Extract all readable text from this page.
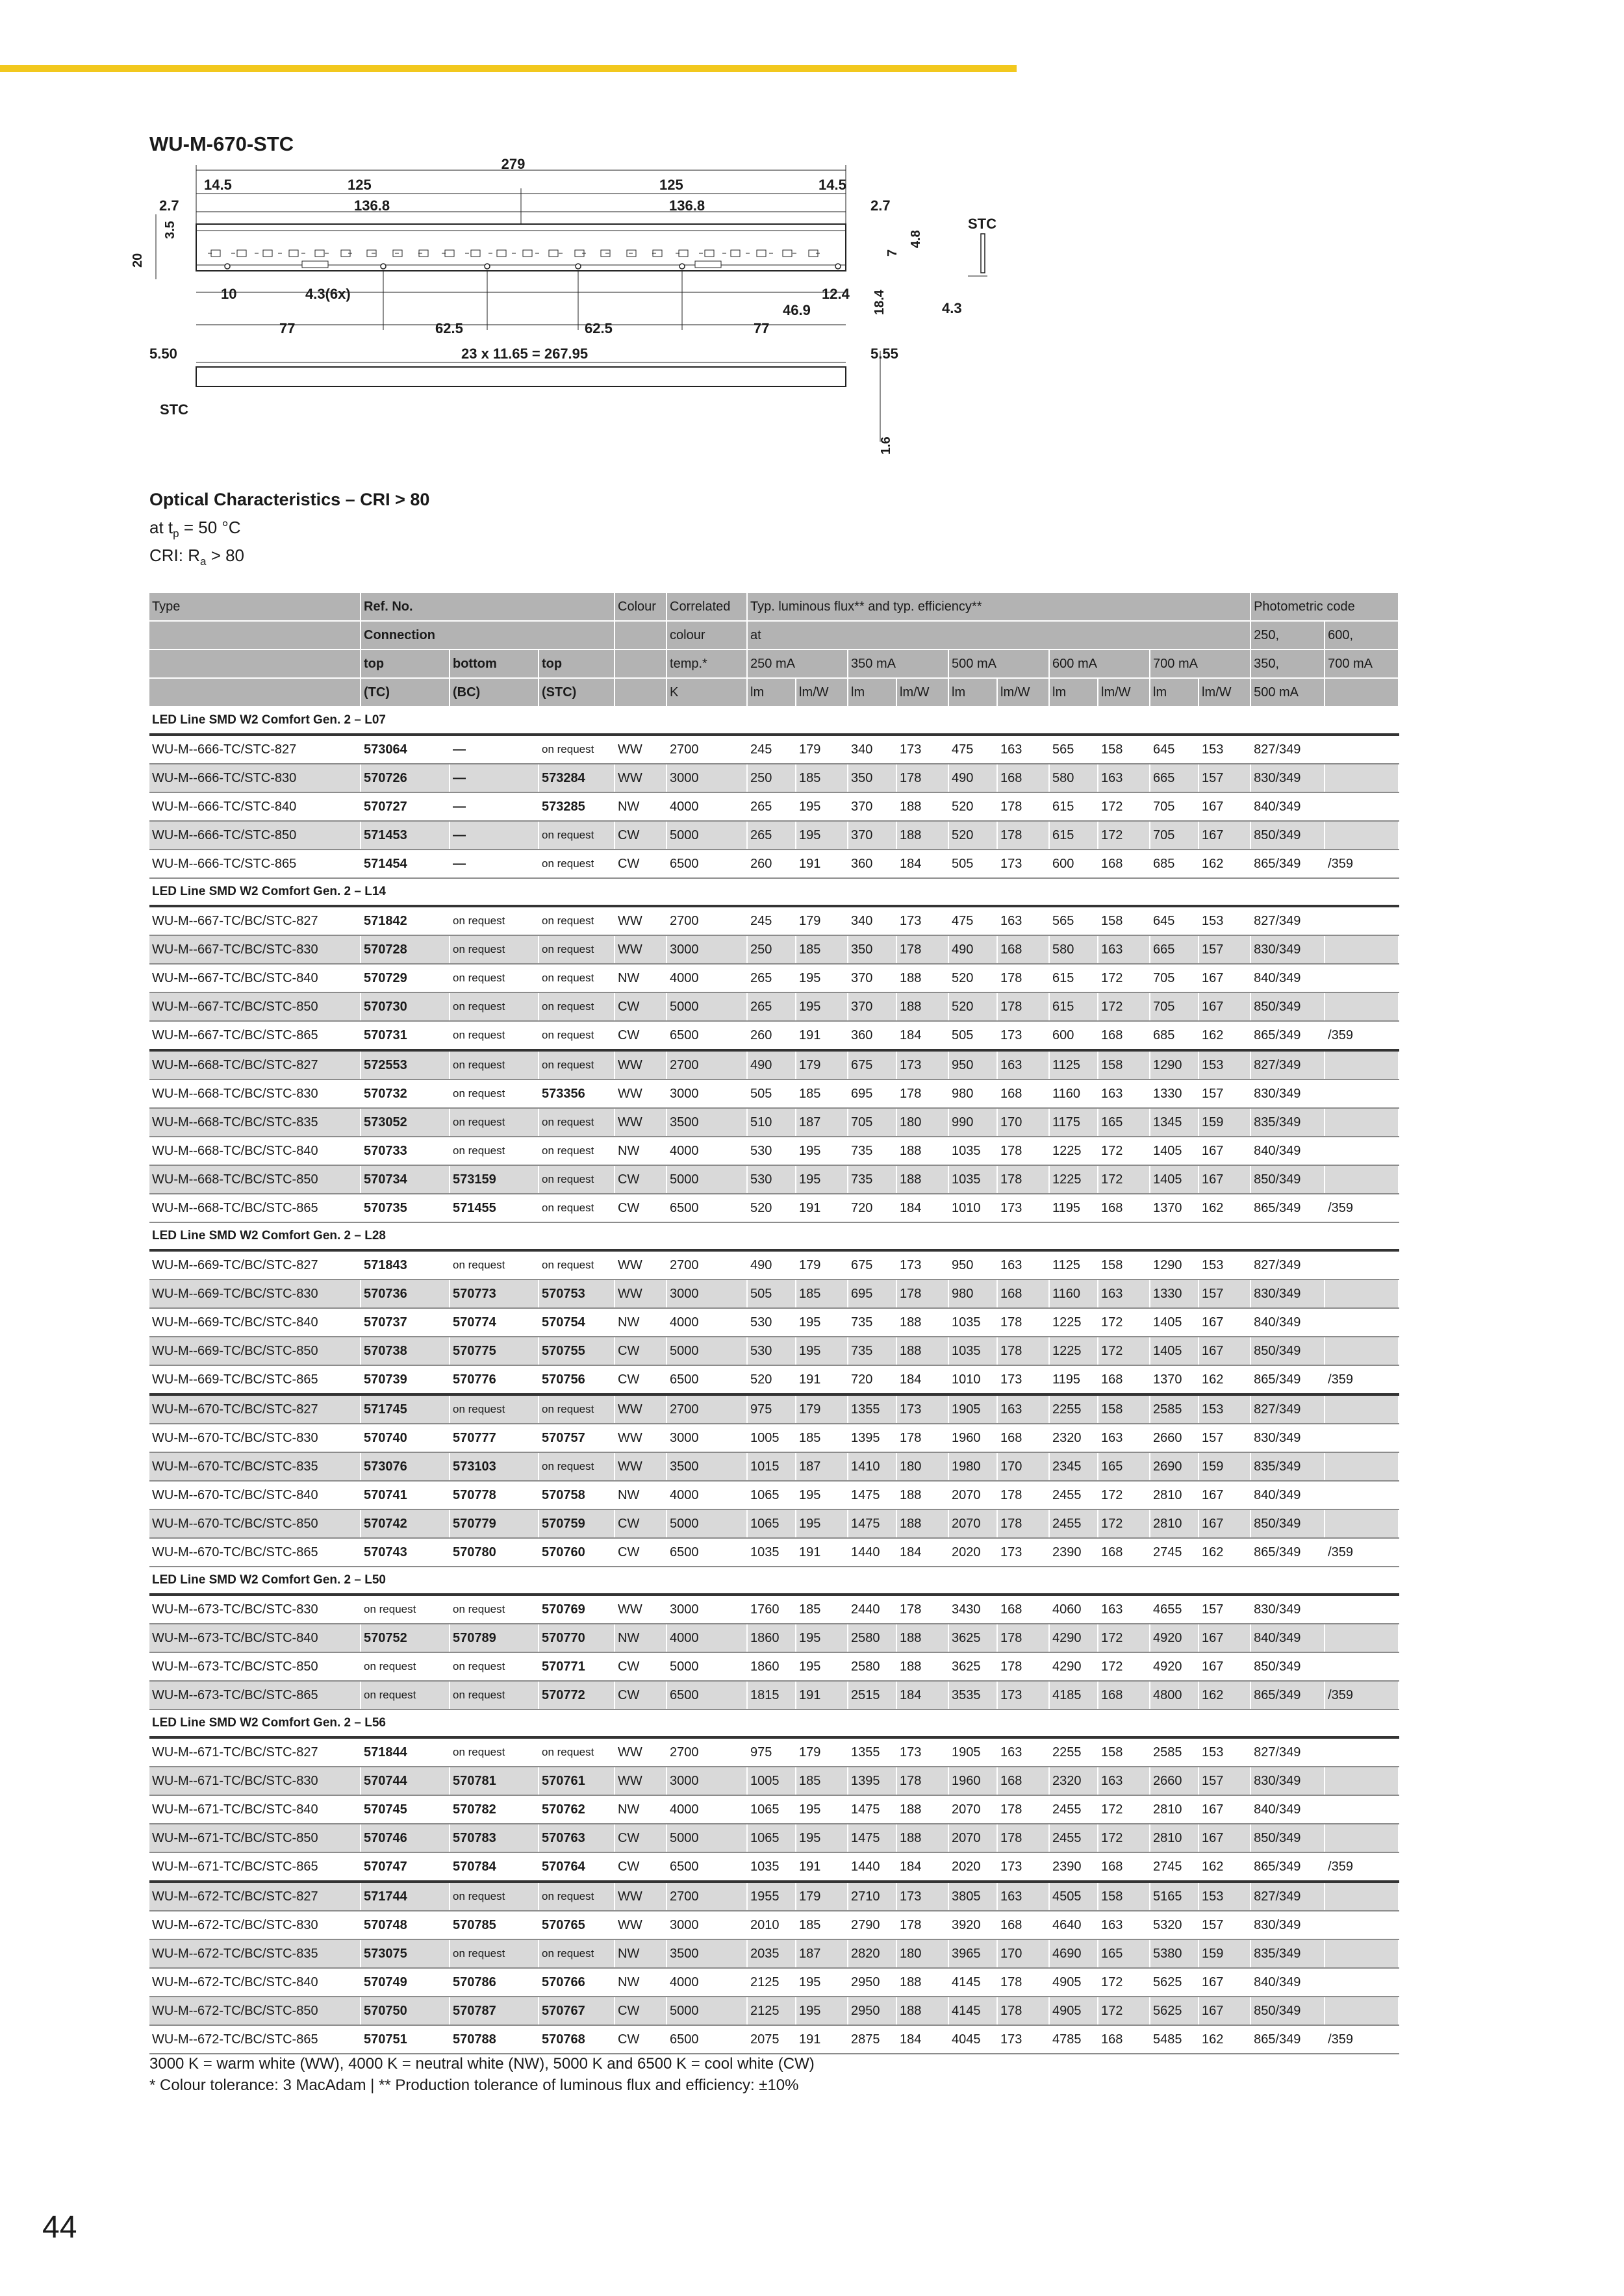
WU-M-670-STC
279
14.5	125	125	14.5
2.7	136.8	136.8	2.7
3.5
20
7
4.8
STC
10	4.3(6x)	12.4
46.9	18.4	4.3
77	62.5	62.5	77
5.50	23 x 11.65 = 267.95	5.55
STC
1.6
Optical Characteristics – CRI > 80
at $t_p = 50$ °C
CRI: $R_a > 80$
Type	Ref. No.			Colour	Correlated	Typ. luminous flux** and typ. efficiency**										Photometric code	
	Connection				colour	at										250,	600,
	top	bottom	top		temp.*	250 mA		350 mA		500 mA		600 mA		700 mA		350,	700 mA
	(TC)	(BC)	(STC)		K	lm	lm/W	lm	lm/W	lm	lm/W	lm	lm/W	lm	lm/W	500 mA	
LED Line SMD W2 Comfort Gen. 2 – L07																	
WU-M--666-TC/STC-827	573064	—	on request	WW	2700	245	179	340	173	475	163	565	158	645	153	827/349	
WU-M--666-TC/STC-830	570726	—	573284	WW	3000	250	185	350	178	490	168	580	163	665	157	830/349	
WU-M--666-TC/STC-840	570727	—	573285	NW	4000	265	195	370	188	520	178	615	172	705	167	840/349	
WU-M--666-TC/STC-850	571453	—	on request	CW	5000	265	195	370	188	520	178	615	172	705	167	850/349	
WU-M--666-TC/STC-865	571454	—	on request	CW	6500	260	191	360	184	505	173	600	168	685	162	865/349	/359
LED Line SMD W2 Comfort Gen. 2 – L14																	
WU-M--667-TC/BC/STC-827	571842	on request	on request	WW	2700	245	179	340	173	475	163	565	158	645	153	827/349	
WU-M--667-TC/BC/STC-830	570728	on request	on request	WW	3000	250	185	350	178	490	168	580	163	665	157	830/349	
WU-M--667-TC/BC/STC-840	570729	on request	on request	NW	4000	265	195	370	188	520	178	615	172	705	167	840/349	
WU-M--667-TC/BC/STC-850	570730	on request	on request	CW	5000	265	195	370	188	520	178	615	172	705	167	850/349	
WU-M--667-TC/BC/STC-865	570731	on request	on request	CW	6500	260	191	360	184	505	173	600	168	685	162	865/349	/359
WU-M--668-TC/BC/STC-827	572553	on request	on request	WW	2700	490	179	675	173	950	163	1125	158	1290	153	827/349	
WU-M--668-TC/BC/STC-830	570732	on request	573356	WW	3000	505	185	695	178	980	168	1160	163	1330	157	830/349	
WU-M--668-TC/BC/STC-835	573052	on request	on request	WW	3500	510	187	705	180	990	170	1175	165	1345	159	835/349	
WU-M--668-TC/BC/STC-840	570733	on request	on request	NW	4000	530	195	735	188	1035	178	1225	172	1405	167	840/349	
WU-M--668-TC/BC/STC-850	570734	573159	on request	CW	5000	530	195	735	188	1035	178	1225	172	1405	167	850/349	
WU-M--668-TC/BC/STC-865	570735	571455	on request	CW	6500	520	191	720	184	1010	173	1195	168	1370	162	865/349	/359
LED Line SMD W2 Comfort Gen. 2 – L28																	
WU-M--669-TC/BC/STC-827	571843	on request	on request	WW	2700	490	179	675	173	950	163	1125	158	1290	153	827/349	
WU-M--669-TC/BC/STC-830	570736	570773	570753	WW	3000	505	185	695	178	980	168	1160	163	1330	157	830/349	
WU-M--669-TC/BC/STC-840	570737	570774	570754	NW	4000	530	195	735	188	1035	178	1225	172	1405	167	840/349	
WU-M--669-TC/BC/STC-850	570738	570775	570755	CW	5000	530	195	735	188	1035	178	1225	172	1405	167	850/349	
WU-M--669-TC/BC/STC-865	570739	570776	570756	CW	6500	520	191	720	184	1010	173	1195	168	1370	162	865/349	/359
WU-M--670-TC/BC/STC-827	571745	on request	on request	WW	2700	975	179	1355	173	1905	163	2255	158	2585	153	827/349	
WU-M--670-TC/BC/STC-830	570740	570777	570757	WW	3000	1005	185	1395	178	1960	168	2320	163	2660	157	830/349	
WU-M--670-TC/BC/STC-835	573076	573103	on request	WW	3500	1015	187	1410	180	1980	170	2345	165	2690	159	835/349	
WU-M--670-TC/BC/STC-840	570741	570778	570758	NW	4000	1065	195	1475	188	2070	178	2455	172	2810	167	840/349	
WU-M--670-TC/BC/STC-850	570742	570779	570759	CW	5000	1065	195	1475	188	2070	178	2455	172	2810	167	850/349	
WU-M--670-TC/BC/STC-865	570743	570780	570760	CW	6500	1035	191	1440	184	2020	173	2390	168	2745	162	865/349	/359
LED Line SMD W2 Comfort Gen. 2 – L50																	
WU-M--673-TC/BC/STC-830	on request	on request	570769	WW	3000	1760	185	2440	178	3430	168	4060	163	4655	157	830/349	
WU-M--673-TC/BC/STC-840	570752	570789	570770	NW	4000	1860	195	2580	188	3625	178	4290	172	4920	167	840/349	
WU-M--673-TC/BC/STC-850	on request	on request	570771	CW	5000	1860	195	2580	188	3625	178	4290	172	4920	167	850/349	
WU-M--673-TC/BC/STC-865	on request	on request	570772	CW	6500	1815	191	2515	184	3535	173	4185	168	4800	162	865/349	/359
LED Line SMD W2 Comfort Gen. 2 – L56																	
WU-M--671-TC/BC/STC-827	571844	on request	on request	WW	2700	975	179	1355	173	1905	163	2255	158	2585	153	827/349	
WU-M--671-TC/BC/STC-830	570744	570781	570761	WW	3000	1005	185	1395	178	1960	168	2320	163	2660	157	830/349	
WU-M--671-TC/BC/STC-840	570745	570782	570762	NW	4000	1065	195	1475	188	2070	178	2455	172	2810	167	840/349	
WU-M--671-TC/BC/STC-850	570746	570783	570763	CW	5000	1065	195	1475	188	2070	178	2455	172	2810	167	850/349	
WU-M--671-TC/BC/STC-865	570747	570784	570764	CW	6500	1035	191	1440	184	2020	173	2390	168	2745	162	865/349	/359
WU-M--672-TC/BC/STC-827	571744	on request	on request	WW	2700	1955	179	2710	173	3805	163	4505	158	5165	153	827/349	
WU-M--672-TC/BC/STC-830	570748	570785	570765	WW	3000	2010	185	2790	178	3920	168	4640	163	5320	157	830/349	
WU-M--672-TC/BC/STC-835	573075	on request	on request	NW	3500	2035	187	2820	180	3965	170	4690	165	5380	159	835/349	
WU-M--672-TC/BC/STC-840	570749	570786	570766	NW	4000	2125	195	2950	188	4145	178	4905	172	5625	167	840/349	
WU-M--672-TC/BC/STC-850	570750	570787	570767	CW	5000	2125	195	2950	188	4145	178	4905	172	5625	167	850/349	
WU-M--672-TC/BC/STC-865	570751	570788	570768	CW	6500	2075	191	2875	184	4045	173	4785	168	5485	162	865/349	/359
3000 K = warm white (WW), 4000 K = neutral white (NW), 5000 K and 6500 K = cool white (CW)
* Colour tolerance: 3 MacAdam | ** Production tolerance of luminous flux and efficiency: ±10%
44
